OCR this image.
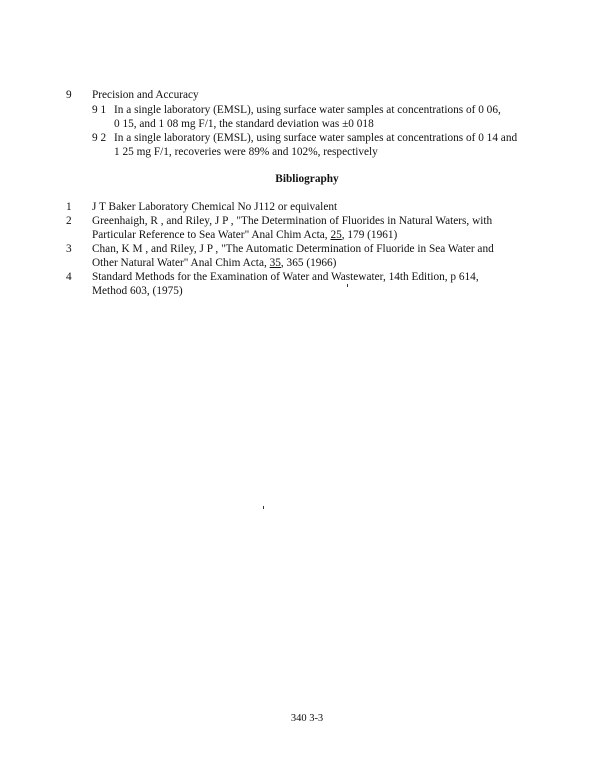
9 Precision and Accuracy
9 1 In a single laboratory (EMSL), using surface water samples at concentrations of 0 06,
0 15, and 1 08 mg F/1, the standard deviation was ±0 018
9 2 In a single laboratory (EMSL), using surface water samples at concentrations of 0 14 and
1 25 mg F/1, recoveries were 89% and 102%, respectively
Bibliography
1 J T Baker Laboratory Chemical No J112 or equivalent
2 Greenhaigh, R , and Riley, J P , "The Determination of Fluorides in Natural Waters, with
Particular Reference to Sea Water" Anal Chim Acta, 25, 179 (1961)
3 Chan, K M , and Riley, J P , "The Automatic Determination of Fluoride in Sea Water and
Other Natural Water" Anal Chim Acta, 35, 365 (1966)
4 Standard Methods for the Examination of Water and Wastewater, 14th Edition, p 614,
Method 603, (1975)
340 3-3
